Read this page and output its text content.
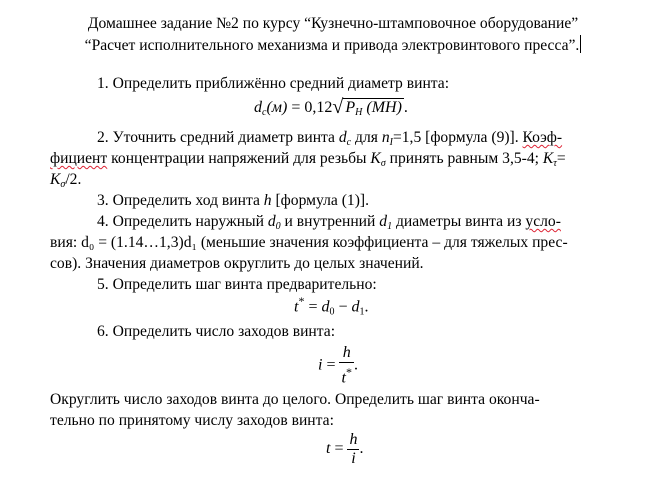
Домашнее задание №2 по курсу “Кузнечно-штамповочное оборудование”
“Расчет исполнительного механизма и привода электровинтового пресса”.
1. Определить приближённо средний диаметр винта:
$d_c(м) = 0,12$ √ $P_Н$ (МН) .
2. Уточнить средний диаметр винта $d_c$ для $n_I=1,5$ [формула (9)]. Коэф-
фициент концентрации напряжений для резьбы $K_\sigma$ принять равным 3,5-4; $K_\tau=$
$K_\sigma/2$.
3. Определить ход винта h [формула (1)].
4. Определить наружный $d_0$ и внутренний $d_1$ диаметры винта из усло-
вия: d₀ = (1.14…1,3)d₁ (меньшие значения коэффициента – для тяжелых прес-
сов). Значения диаметров округлить до целых значений.
5. Определить шаг винта предварительно:
$t^* = d_0 - d_1$.
6. Определить число заходов винта:
$i = \frac{h}{t^*}$ .
Округлить число заходов винта до целого. Определить шаг винта оконча-
тельно по принятому числу заходов винта:
$t = \frac{h}{i}$ .
